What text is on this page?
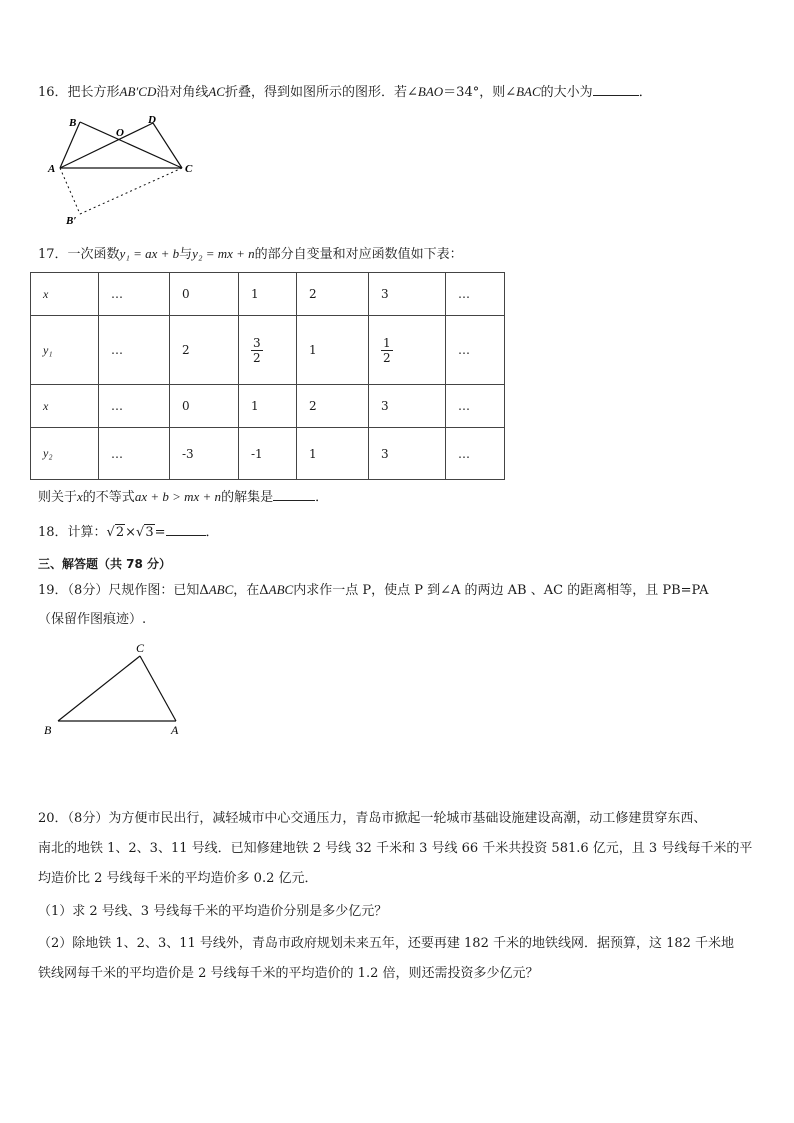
16．把长方形AB′CD沿对角线AC折叠，得到如图所示的图形．若∠BAO＝34°，则∠BAC的大小为	．
B
O
D
A	C
B′
17．一次函数y₁ = ax + b与y₂ = mx + n的部分自变量和对应函数值如下表：
x	…	0	1	2	3	…
y₁	…	2	$\frac{3}{2}$	1	$\frac{1}{2}$	…
x	…	0	1	2	3	…
y₂	…	-3	-1	1	3	…
则关于x的不等式ax + b > mx + n的解集是	．
18．计算：√2×√3=	．
三、解答题（共 78 分）
19．（8分）尺规作图：已知ΔABC，在ΔABC内求作一点 P，使点 P 到∠A 的两边 AB 、AC 的距离相等，且 PB=PA
（保留作图痕迹）.
C
B	A
20．（8分）为方便市民出行，减轻城市中心交通压力，青岛市掀起一轮城市基础设施建设高潮，动工修建贯穿东西、
南北的地铁 1、2、3、11 号线．已知修建地铁 2 号线 32 千米和 3 号线 66 千米共投资 581.6 亿元，且 3 号线每千米的平
均造价比 2 号线每千米的平均造价多 0.2 亿元．
（1）求 2 号线、3 号线每千米的平均造价分别是多少亿元？
（2）除地铁 1、2、3、11 号线外，青岛市政府规划未来五年，还要再建 182 千米的地铁线网．据预算，这 182 千米地
铁线网每千米的平均造价是 2 号线每千米的平均造价的 1.2 倍，则还需投资多少亿元？
